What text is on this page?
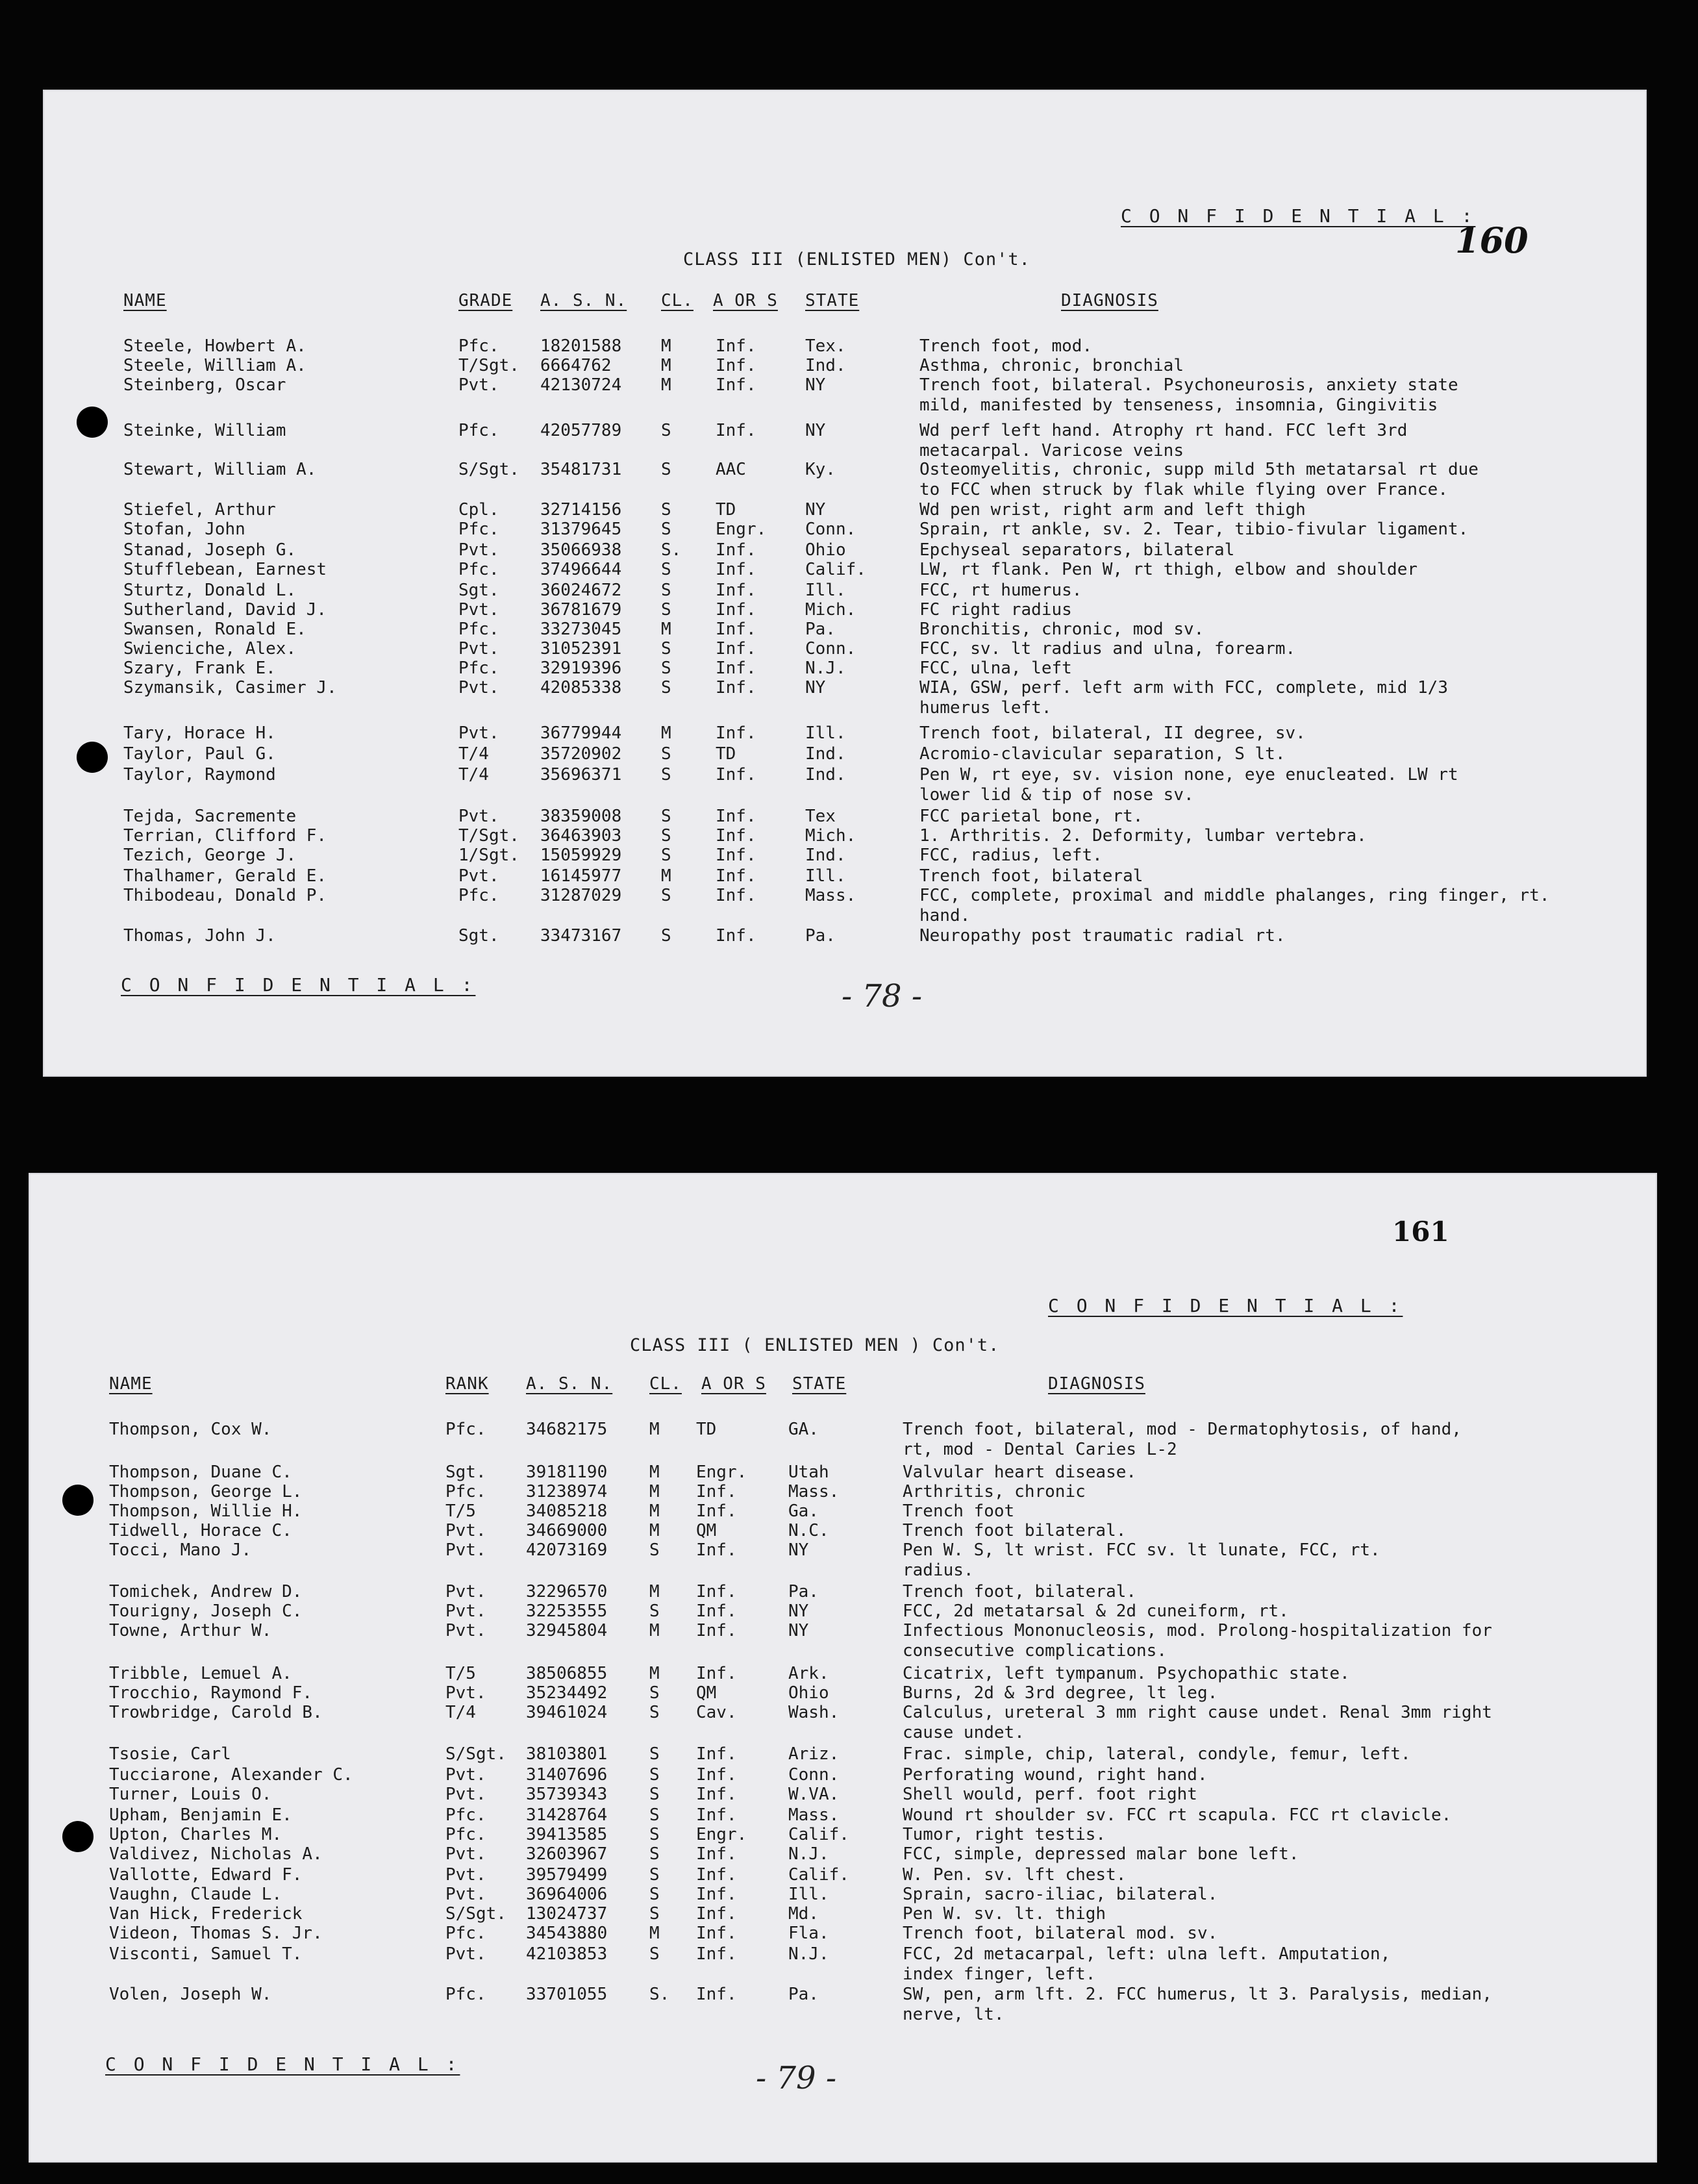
C O N F I D E N T I A L :
160
CLASS III (ENLISTED MEN) Con't.
NAME	GRADE A. S. N. CL. A OR S STATE	DIAGNOSIS
Steele, Howbert A.	Pfc. 18201588 M	Inf.	Tex.	Trench foot, mod.
Steele, William A.	T/Sgt. 6664762	M	Inf.	Ind.	Asthma, chronic, bronchial
Steinberg, Oscar	Pvt. 42130724 M	Inf.	NY	Trench foot, bilateral. Psychoneurosis, anxiety state
mild, manifested by tenseness, insomnia, Gingivitis
Steinke, William	Pfc. 42057789 S	Inf.	NY	Wd perf left hand. Atrophy rt hand. FCC left 3rd
metacarpal. Varicose veins
Stewart, William A.	S/Sgt. 35481731 S	AAC	Ky.	Osteomyelitis, chronic, supp mild 5th metatarsal rt due
to FCC when struck by flak while flying over France.
Stiefel, Arthur	Cpl. 32714156 S	TD	NY	Wd pen wrist, right arm and left thigh
Stofan, John	Pfc. 31379645 S	Engr. Conn.	Sprain, rt ankle, sv. 2. Tear, tibio-fivular ligament.
Stanad, Joseph G.	Pvt. 35066938 S. Inf.	Ohio	Epchyseal separators, bilateral
Stufflebean, Earnest	Pfc. 37496644 S	Inf.	Calif.	LW, rt flank. Pen W, rt thigh, elbow and shoulder
Sturtz, Donald L.	Sgt. 36024672 S	Inf.	Ill.	FCC, rt humerus.
Sutherland, David J.	Pvt. 36781679 S	Inf.	Mich.	FC right radius
Swansen, Ronald E.	Pfc. 33273045 M	Inf.	Pa.	Bronchitis, chronic, mod sv.
Swienciche, Alex.	Pvt. 31052391 S	Inf.	Conn.	FCC, sv. lt radius and ulna, forearm.
Szary, Frank E.	Pfc. 32919396 S	Inf.	N.J.	FCC, ulna, left
Szymansik, Casimer J.	Pvt. 42085338 S	Inf.	NY	WIA, GSW, perf. left arm with FCC, complete, mid 1/3
humerus left.
Tary, Horace H.	Pvt. 36779944 M	Inf.	Ill.	Trench foot, bilateral, II degree, sv.
Taylor, Paul G.	T/4	35720902 S	TD	Ind.	Acromio-clavicular separation, S lt.
Taylor, Raymond	T/4	35696371 S	Inf.	Ind.	Pen W, rt eye, sv. vision none, eye enucleated. LW rt
lower lid & tip of nose sv.
Tejda, Sacremente	Pvt. 38359008 S	Inf.	Tex	FCC parietal bone, rt.
Terrian, Clifford F.	T/Sgt. 36463903 S	Inf.	Mich.	1. Arthritis. 2. Deformity, lumbar vertebra.
Tezich, George J.	1/Sgt. 15059929 S	Inf.	Ind.	FCC, radius, left.
Thalhamer, Gerald E.	Pvt. 16145977 M	Inf.	Ill.	Trench foot, bilateral
Thibodeau, Donald P.	Pfc. 31287029 S	Inf.	Mass.	FCC, complete, proximal and middle phalanges, ring finger, rt.
hand.
Thomas, John J.	Sgt. 33473167 S	Inf.	Pa.	Neuropathy post traumatic radial rt.
C O N F I D E N T I A L :	- 78 -
161
C O N F I D E N T I A L :
CLASS III ( ENLISTED MEN ) Con't.
NAME	RANK A. S. N. CL. A OR S STATE	DIAGNOSIS
Thompson, Cox W.	Pfc. 34682175 M TD	GA.	Trench foot, bilateral, mod - Dermatophytosis, of hand,
rt, mod - Dental Caries L-2
Thompson, Duane C.	Sgt. 39181190 M Engr. Utah	Valvular heart disease.
Thompson, George L.	Pfc. 31238974 M Inf.	Mass.	Arthritis, chronic
Thompson, Willie H.	T/5	34085218 M Inf.	Ga.	Trench foot
Tidwell, Horace C.	Pvt. 34669000 M QM	N.C.	Trench foot bilateral.
Tocci, Mano J.	Pvt. 42073169 S Inf.	NY	Pen W. S, lt wrist. FCC sv. lt lunate, FCC, rt.
radius.
Tomichek, Andrew D.	Pvt. 32296570 M Inf.	Pa.	Trench foot, bilateral.
Tourigny, Joseph C.	Pvt. 32253555 S Inf.	NY	FCC, 2d metatarsal & 2d cuneiform, rt.
Towne, Arthur W.	Pvt. 32945804 M Inf.	NY	Infectious Mononucleosis, mod. Prolong-hospitalization for
consecutive complications.
Tribble, Lemuel A.	T/5	38506855 M Inf.	Ark.	Cicatrix, left tympanum. Psychopathic state.
Trocchio, Raymond F.	Pvt. 35234492 S QM	Ohio	Burns, 2d & 3rd degree, lt leg.
Trowbridge, Carold B.	T/4	39461024 S Cav.	Wash.	Calculus, ureteral 3 mm right cause undet. Renal 3mm right
cause undet.
Tsosie, Carl	S/Sgt. 38103801 S Inf.	Ariz.	Frac. simple, chip, lateral, condyle, femur, left.
Tucciarone, Alexander C.	Pvt. 31407696 S Inf.	Conn.	Perforating wound, right hand.
Turner, Louis O.	Pvt. 35739343 S Inf.	W.VA.	Shell would, perf. foot right
Upham, Benjamin E.	Pfc. 31428764 S Inf.	Mass.	Wound rt shoulder sv. FCC rt scapula. FCC rt clavicle.
Upton, Charles M.	Pfc. 39413585 S Engr. Calif.	Tumor, right testis.
Valdivez, Nicholas A.	Pvt. 32603967 S Inf.	N.J.	FCC, simple, depressed malar bone left.
Vallotte, Edward F.	Pvt. 39579499 S Inf.	Calif.	W. Pen. sv. lft chest.
Vaughn, Claude L.	Pvt. 36964006 S Inf.	Ill.	Sprain, sacro-iliac, bilateral.
Van Hick, Frederick	S/Sgt. 13024737 S Inf.	Md.	Pen W. sv. lt. thigh
Videon, Thomas S. Jr.	Pfc. 34543880 M Inf.	Fla.	Trench foot, bilateral mod. sv.
Visconti, Samuel T.	Pvt. 42103853 S Inf.	N.J.	FCC, 2d metacarpal, left: ulna left. Amputation,
index finger, left.
Volen, Joseph W.	Pfc. 33701055 S. Inf.	Pa.	SW, pen, arm lft. 2. FCC humerus, lt 3. Paralysis, median,
nerve, lt.
C O N F I D E N T I A L :	- 79 -
